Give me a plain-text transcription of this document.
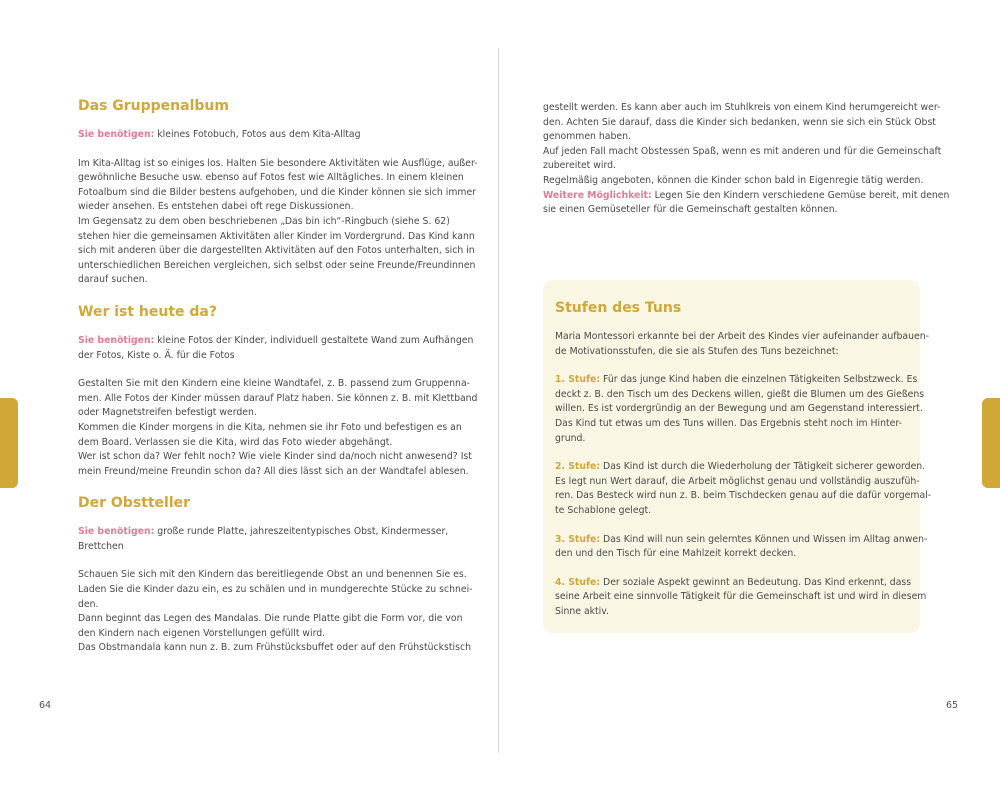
Das Gruppenalbum
Sie benötigen: kleines Fotobuch, Fotos aus dem Kita-Alltag
Im Kita-Alltag ist so einiges los. Halten Sie besondere Aktivitäten wie Ausflüge, außer-
gewöhnliche Besuche usw. ebenso auf Fotos fest wie Alltägliches. In einem kleinen
Fotoalbum sind die Bilder bestens aufgehoben, und die Kinder können sie sich immer
wieder ansehen. Es entstehen dabei oft rege Diskussionen.
Im Gegensatz zu dem oben beschriebenen „Das bin ich“-Ringbuch (siehe S. 62)
stehen hier die gemeinsamen Aktivitäten aller Kinder im Vordergrund. Das Kind kann
sich mit anderen über die dargestellten Aktivitäten auf den Fotos unterhalten, sich in
unterschiedlichen Bereichen vergleichen, sich selbst oder seine Freunde/Freundinnen
darauf suchen.
Wer ist heute da?
Sie benötigen: kleine Fotos der Kinder, individuell gestaltete Wand zum Aufhängen
der Fotos, Kiste o. Ä. für die Fotos
Gestalten Sie mit den Kindern eine kleine Wandtafel, z. B. passend zum Gruppenna-
men. Alle Fotos der Kinder müssen darauf Platz haben. Sie können z. B. mit Klettband
oder Magnetstreifen befestigt werden.
Kommen die Kinder morgens in die Kita, nehmen sie ihr Foto und befestigen es an
dem Board. Verlassen sie die Kita, wird das Foto wieder abgehängt.
Wer ist schon da? Wer fehlt noch? Wie viele Kinder sind da/noch nicht anwesend? Ist
mein Freund/meine Freundin schon da? All dies lässt sich an der Wandtafel ablesen.
Der Obstteller
Sie benötigen: große runde Platte, jahreszeitentypisches Obst, Kindermesser,
Brettchen
Schauen Sie sich mit den Kindern das bereitliegende Obst an und benennen Sie es.
Laden Sie die Kinder dazu ein, es zu schälen und in mundgerechte Stücke zu schnei-
den.
Dann beginnt das Legen des Mandalas. Die runde Platte gibt die Form vor, die von
den Kindern nach eigenen Vorstellungen gefüllt wird.
Das Obstmandala kann nun z. B. zum Frühstücksbuffet oder auf den Frühstückstisch
64
gestellt werden. Es kann aber auch im Stuhlkreis von einem Kind herumgereicht wer-
den. Achten Sie darauf, dass die Kinder sich bedanken, wenn sie sich ein Stück Obst
genommen haben.
Auf jeden Fall macht Obstessen Spaß, wenn es mit anderen und für die Gemeinschaft
zubereitet wird.
Regelmäßig angeboten, können die Kinder schon bald in Eigenregie tätig werden.
Weitere Möglichkeit: Legen Sie den Kindern verschiedene Gemüse bereit, mit denen
sie einen Gemüseteller für die Gemeinschaft gestalten können.
Stufen des Tuns
Maria Montessori erkannte bei der Arbeit des Kindes vier aufeinander aufbauen-
de Motivationsstufen, die sie als Stufen des Tuns bezeichnet:
1. Stufe: Für das junge Kind haben die einzelnen Tätigkeiten Selbstzweck. Es
deckt z. B. den Tisch um des Deckens willen, gießt die Blumen um des Gießens
willen. Es ist vordergründig an der Bewegung und am Gegenstand interessiert.
Das Kind tut etwas um des Tuns willen. Das Ergebnis steht noch im Hinter-
grund.
2. Stufe: Das Kind ist durch die Wiederholung der Tätigkeit sicherer geworden.
Es legt nun Wert darauf, die Arbeit möglichst genau und vollständig auszufüh-
ren. Das Besteck wird nun z. B. beim Tischdecken genau auf die dafür vorgemal-
te Schablone gelegt.
3. Stufe: Das Kind will nun sein gelerntes Können und Wissen im Alltag anwen-
den und den Tisch für eine Mahlzeit korrekt decken.
4. Stufe: Der soziale Aspekt gewinnt an Bedeutung. Das Kind erkennt, dass
seine Arbeit eine sinnvolle Tätigkeit für die Gemeinschaft ist und wird in diesem
Sinne aktiv.
65
